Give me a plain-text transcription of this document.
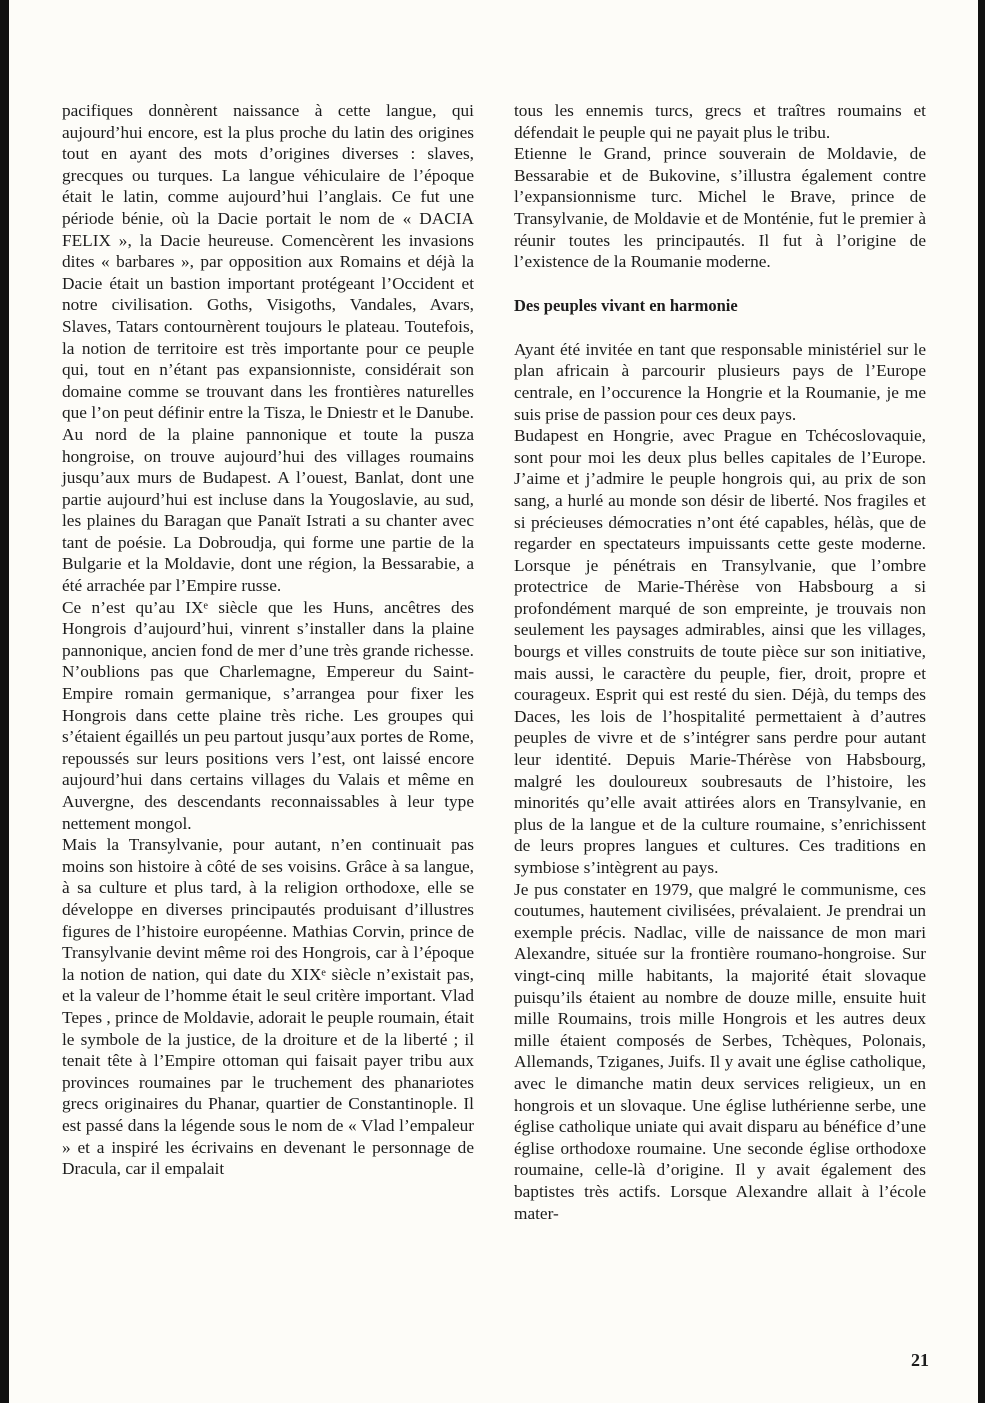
pacifiques donnèrent naissance à cette langue, qui aujourd’hui encore, est la plus proche du latin des origines tout en ayant des mots d’origines diverses : slaves, grecques ou turques. La langue véhiculaire de l’époque était le latin, comme aujourd’hui l’anglais. Ce fut une période bénie, où la Dacie portait le nom de « DACIA FELIX », la Dacie heureuse. Comencèrent les invasions dites « barbares », par opposition aux Romains et déjà la Dacie était un bastion important protégeant l’Occident et notre civilisation. Goths, Visigoths, Vandales, Avars, Slaves, Tatars contournèrent toujours le plateau. Toutefois, la notion de territoire est très importante pour ce peuple qui, tout en n’étant pas expansionniste, considérait son domaine comme se trouvant dans les frontières naturelles que l’on peut définir entre la Tisza, le Dniestr et le Danube. Au nord de la plaine pannonique et toute la pusza hongroise, on trouve aujourd’hui des villages roumains jusqu’aux murs de Budapest. A l’ouest, Banlat, dont une partie aujourd’hui est incluse dans la Yougoslavie, au sud, les plaines du Baragan que Panaït Istrati a su chanter avec tant de poésie. La Dobroudja, qui forme une partie de la Bulgarie et la Moldavie, dont une région, la Bessarabie, a été arrachée par l’Empire russe.

Ce n’est qu’au IXᵉ siècle que les Huns, ancêtres des Hongrois d’aujourd’hui, vinrent s’installer dans la plaine pannonique, ancien fond de mer d’une très grande richesse. N’oublions pas que Charlemagne, Empereur du Saint-Empire romain germanique, s’arrangea pour fixer les Hongrois dans cette plaine très riche. Les groupes qui s’étaient égaillés un peu partout jusqu’aux portes de Rome, repoussés sur leurs positions vers l’est, ont laissé encore aujourd’hui dans certains villages du Valais et même en Auvergne, des descendants reconnaissables à leur type nettement mongol.

Mais la Transylvanie, pour autant, n’en continuait pas moins son histoire à côté de ses voisins. Grâce à sa langue, à sa culture et plus tard, à la religion orthodoxe, elle se développe en diverses principautés produisant d’illustres figures de l’histoire européenne. Mathias Corvin, prince de Transylvanie devint même roi des Hongrois, car à l’époque la notion de nation, qui date du XIXᵉ siècle n’existait pas, et la valeur de l’homme était le seul critère important. Vlad Tepes , prince de Moldavie, adorait le peuple roumain, était le symbole de la justice, de la droiture et de la liberté ; il tenait tête à l’Empire ottoman qui faisait payer tribu aux provinces roumaines par le truchement des phanariotes grecs originaires du Phanar, quartier de Constantinople. Il est passé dans la légende sous le nom de « Vlad l’empaleur » et a inspiré les écrivains en devenant le personnage de Dracula, car il empalait

tous les ennemis turcs, grecs et traîtres roumains et défendait le peuple qui ne payait plus le tribu.

Etienne le Grand, prince souverain de Moldavie, de Bessarabie et de Bukovine, s’illustra également contre l’expansionnisme turc. Michel le Brave, prince de Transylvanie, de Moldavie et de Monténie, fut le premier à réunir toutes les principautés. Il fut à l’origine de l’existence de la Roumanie moderne.

Des peuples vivant en harmonie

Ayant été invitée en tant que responsable ministériel sur le plan africain à parcourir plusieurs pays de l’Europe centrale, en l’occurence la Hongrie et la Roumanie, je me suis prise de passion pour ces deux pays.

Budapest en Hongrie, avec Prague en Tchécoslovaquie, sont pour moi les deux plus belles capitales de l’Europe. J’aime et j’admire le peuple hongrois qui, au prix de son sang, a hurlé au monde son désir de liberté. Nos fragiles et si précieuses démocraties n’ont été capables, hélàs, que de regarder en spectateurs impuissants cette geste moderne. Lorsque je pénétrais en Transylvanie, que l’ombre protectrice de Marie-Thérèse von Habsbourg a si profondément marqué de son empreinte, je trouvais non seulement les paysages admirables, ainsi que les villages, bourgs et villes construits de toute pièce sur son initiative, mais aussi, le caractère du peuple, fier, droit, propre et courageux. Esprit qui est resté du sien. Déjà, du temps des Daces, les lois de l’hospitalité permettaient à d’autres peuples de vivre et de s’intégrer sans perdre pour autant leur identité. Depuis Marie-Thérèse von Habsbourg, malgré les douloureux soubresauts de l’histoire, les minorités qu’elle avait attirées alors en Transylvanie, en plus de la langue et de la culture roumaine, s’enrichissent de leurs propres langues et cultures. Ces traditions en symbiose s’intègrent au pays.

Je pus constater en 1979, que malgré le communisme, ces coutumes, hautement civilisées, prévalaient. Je prendrai un exemple précis. Nadlac, ville de naissance de mon mari Alexandre, située sur la frontière roumano-hongroise. Sur vingt-cinq mille habitants, la majorité était slovaque puisqu’ils étaient au nombre de douze mille, ensuite huit mille Roumains, trois mille Hongrois et les autres deux mille étaient composés de Serbes, Tchèques, Polonais, Allemands, Tziganes, Juifs. Il y avait une église catholique, avec le dimanche matin deux services religieux, un en hongrois et un slovaque. Une église luthérienne serbe, une église catholique uniate qui avait disparu au bénéfice d’une église orthodoxe roumaine. Une seconde église orthodoxe roumaine, celle-là d’origine. Il y avait également des baptistes très actifs. Lorsque Alexandre allait à l’école mater-

21
